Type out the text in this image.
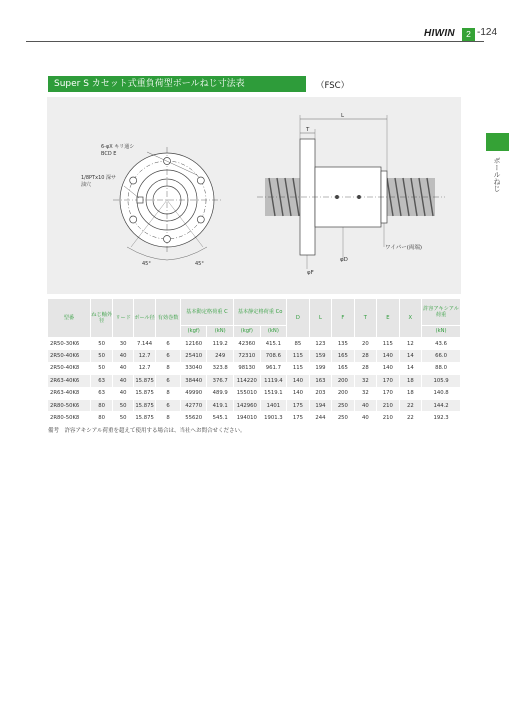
HIWIN	2 -124
ボールねじ
Super S カセット式重負荷型ボールねじ寸法表	（FSC）
6-φX キリ通シ
BCD E
1/8PTx10 深サ
油穴
45°	45°
L
T
φF
φD
ワイパー(両端)
型番	ねじ軸外径	リード	ボール径	有効巻数	基本動定格荷重 C		基本静定格荷重 Co		D	L	F	T	E	X	許容アキシアル荷重
					(kgf)	(kN)	(kgf)	(kN)							(kN)
2R50-30K6	50	30	7.144	6	12160	119.2	42360	415.1	85	123	135	20	115	12	43.6
2R50-40K6	50	40	12.7	6	25410	249	72310	708.6	115	159	165	28	140	14	66.0
2R50-40K8	50	40	12.7	8	33040	323.8	98130	961.7	115	199	165	28	140	14	88.0
2R63-40K6	63	40	15.875	6	38440	376.7	114220	1119.4	140	163	200	32	170	18	105.9
2R63-40K8	63	40	15.875	8	49990	489.9	155010	1519.1	140	203	200	32	170	18	140.8
2R80-50K6	80	50	15.875	6	42770	419.1	142960	1401	175	194	250	40	210	22	144.2
2R80-50K8	80	50	15.875	8	55620	545.1	194010	1901.3	175	244	250	40	210	22	192.3
備考　許容アキシアル荷重を超えて使用する場合は、当社へお問合せください。
